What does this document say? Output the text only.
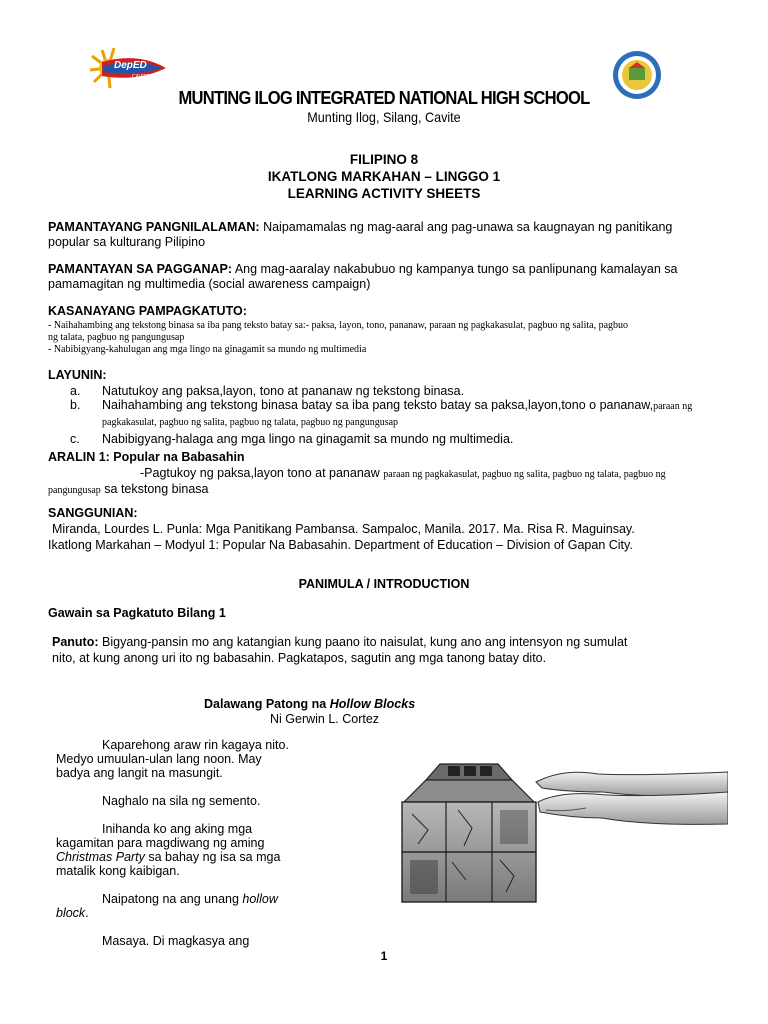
DepED
CAVITE
MUNTING ILOG INTEGRATED NATIONAL HIGH SCHOOL
Munting Ilog, Silang, Cavite
FILIPINO 8
IKATLONG MARKAHAN – LINGGO 1
LEARNING ACTIVITY SHEETS

PAMANTAYANG PANGNILALAMAN: Naipamamalas ng mag-aaral ang pag-unawa sa kaugnayan ng panitikang

popular sa kulturang Pilipino

PAMANTAYAN SA PAGGANAP: Ang mag-aaralay nakabubuo ng kampanya tungo sa panlipunang kamalayan sa

pamamagitan ng multimedia (social awareness campaign)

KASANAYANG PAMPAGKATUTO:

- Naihahambing ang tekstong binasa sa iba pang teksto batay sa:- paksa, layon, tono, pananaw, paraan ng pagkakasulat, pagbuo ng salita, pagbuo

ng talata, pagbuo ng pangungusap

- Nabibigyang-kahulugan ang mga lingo na ginagamit sa mundo ng multimedia

LAYUNIN:
a.	Natutukoy ang paksa,layon, tono at pananaw ng tekstong binasa.
b.	Naihahambing ang tekstong binasa batay sa iba pang teksto batay sa paksa,layon,tono o pananaw,paraan ng
pagkakasulat, pagbuo ng salita, pagbuo ng talata, pagbuo ng pangungusap
c.	Nabibigyang-halaga ang mga lingo na ginagamit sa mundo ng multimedia.
ARALIN 1: Popular na Babasahin

-Pagtukoy ng paksa,layon tono at pananaw paraan ng pagkakasulat, pagbuo ng salita, pagbuo ng talata, pagbuo ng

pangungusap sa tekstong binasa

SANGGUNIAN:

Miranda, Lourdes L. Punla: Mga Panitikang Pambansa. Sampaloc, Manila. 2017. Ma. Risa R. Maguinsay.

Ikatlong Markahan – Modyul 1: Popular Na Babasahin. Department of Education – Division of Gapan City.

PANIMULA / INTRODUCTION
Gawain sa Pagkatuto Bilang 1

Panuto: Bigyang-pansin mo ang katangian kung paano ito naisulat, kung ano ang intensyon ng sumulat

nito, at kung anong uri ito ng babasahin. Pagkatapos, sagutin ang mga tanong batay dito.

Dalawang Patong na Hollow Blocks
Ni Gerwin L. Cortez

Kaparehong araw rin kagaya nito.

Medyo umuulan-ulan lang noon. May

badya ang langit na masungit.

Naghalo na sila ng semento.

Inihanda ko ang aking mga

kagamitan para magdiwang ng aming

Christmas Party sa bahay ng isa sa mga

matalik kong kaibigan.

Naipatong na ang unang hollow

block.

Masaya. Di magkasya ang

1
